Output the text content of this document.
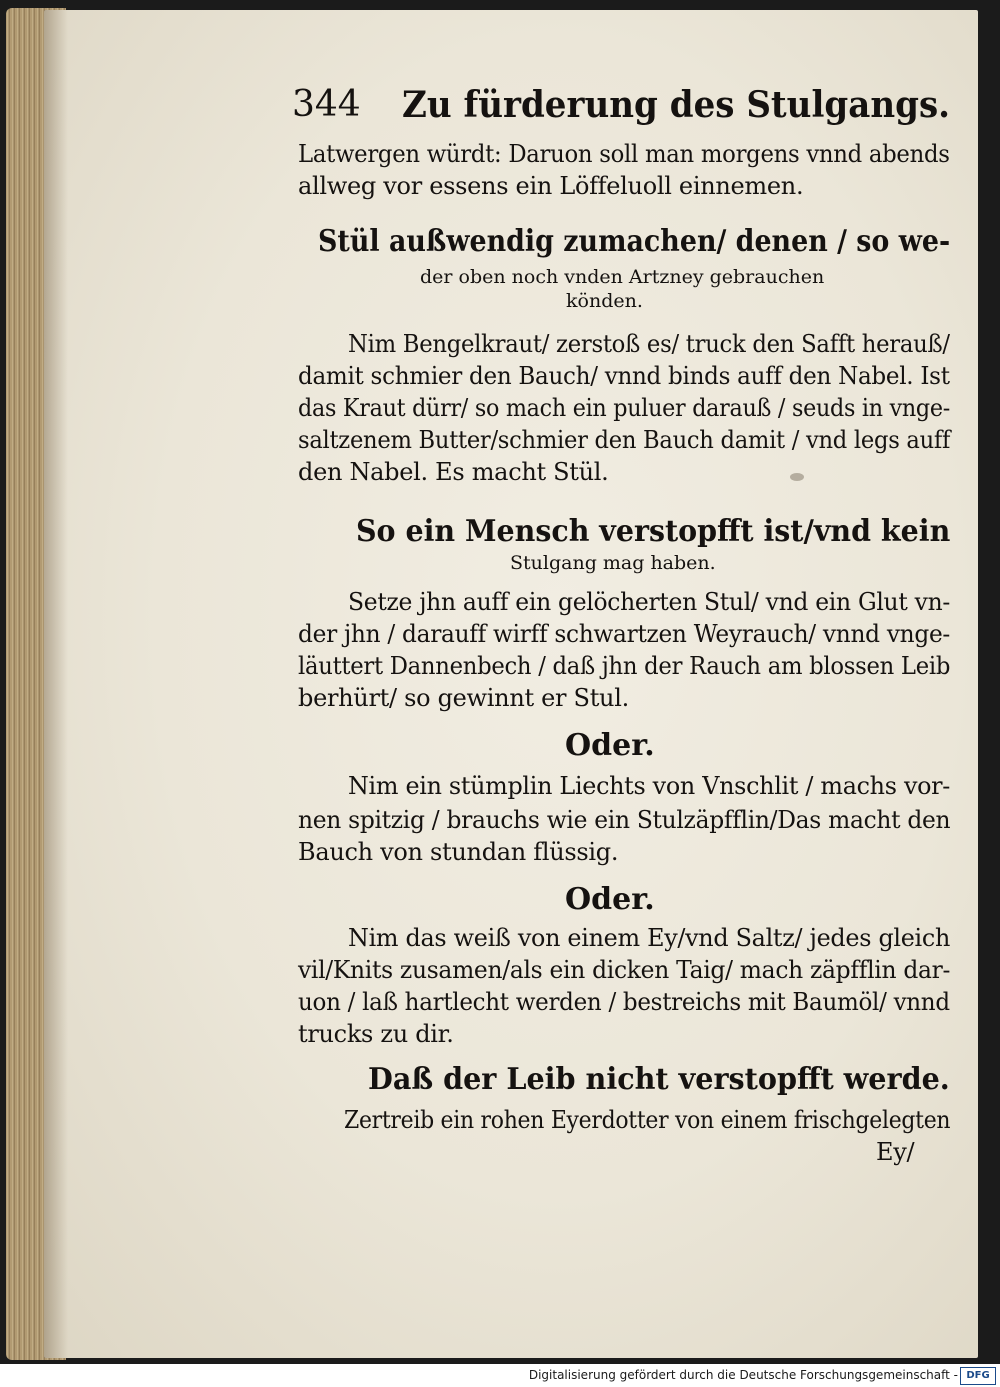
344 Zu fürderung des Stulgangs.
Latwergen würdt: Daruon soll man morgens vnnd abends
allweg vor essens ein Löffeluoll einnemen.
Stül außwendig zumachen/ denen / so we-
der oben noch vnden Artzney gebrauchen
könden.
Nim Bengelkraut/ zerstoß es/ truck den Safft herauß/
damit schmier den Bauch/ vnnd binds auff den Nabel. Ist
das Kraut dürr/ so mach ein puluer darauß / seuds in vnge-
saltzenem Butter/schmier den Bauch damit / vnd legs auff
den Nabel. Es macht Stül.
So ein Mensch verstopfft ist/vnd kein
Stulgang mag haben.
Setze jhn auff ein gelöcherten Stul/ vnd ein Glut vn-
der jhn / darauff wirff schwartzen Weyrauch/ vnnd vnge-
läuttert Dannenbech / daß jhn der Rauch am blossen Leib
berhürt/ so gewinnt er Stul.
Oder.
Nim ein stümplin Liechts von Vnschlit / machs vor-
nen spitzig / brauchs wie ein Stulzäpfflin/Das macht den
Bauch von stundan flüssig.
Oder.
Nim das weiß von einem Ey/vnd Saltz/ jedes gleich
vil/Knits zusamen/als ein dicken Taig/ mach zäpfflin dar-
uon / laß hartlecht werden / bestreichs mit Baumöl/ vnnd
trucks zu dir.
Daß der Leib nicht verstopfft werde.
Zertreib ein rohen Eyerdotter von einem frischgelegten
Ey/
Digitalisierung gefördert durch die Deutsche Forschungsgemeinschaft - DFG
